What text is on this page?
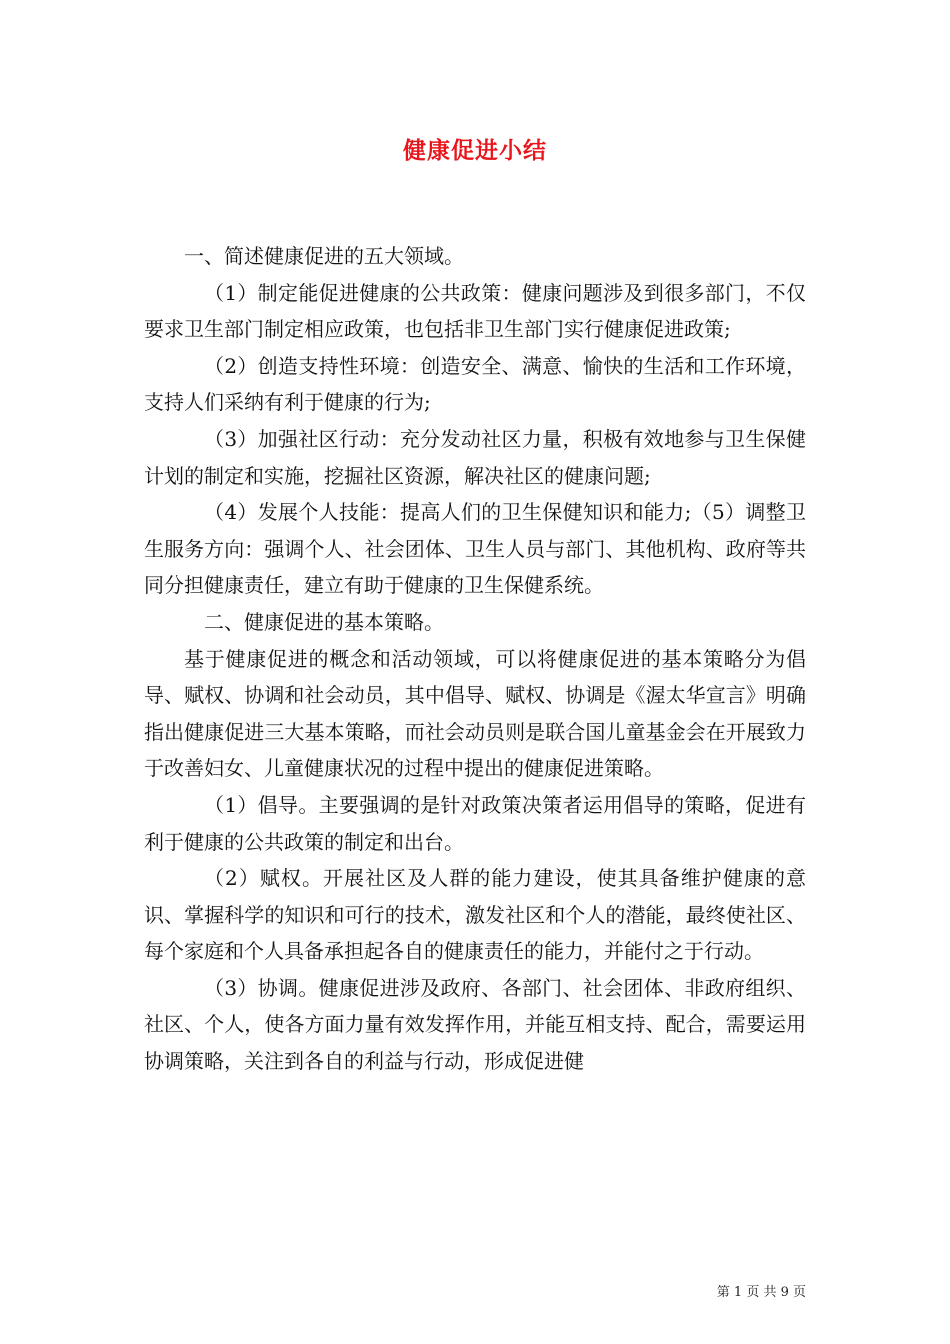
健康促进小结

一、简述健康促进的五大领域。

（1）制定能促进健康的公共政策：健康问题涉及到很多部门，不仅要求卫生部门制定相应政策，也包括非卫生部门实行健康促进政策;

（2）创造支持性环境：创造安全、满意、愉快的生活和工作环境，支持人们采纳有利于健康的行为;

（3）加强社区行动：充分发动社区力量，积极有效地参与卫生保健计划的制定和实施，挖掘社区资源，解决社区的健康问题;

（4）发展个人技能：提高人们的卫生保健知识和能力;（5）调整卫生服务方向：强调个人、社会团体、卫生人员与部门、其他机构、政府等共同分担健康责任，建立有助于健康的卫生保健系统。

二、健康促进的基本策略。

基于健康促进的概念和活动领域，可以将健康促进的基本策略分为倡导、赋权、协调和社会动员，其中倡导、赋权、协调是《渥太华宣言》明确指出健康促进三大基本策略，而社会动员则是联合国儿童基金会在开展致力于改善妇女、儿童健康状况的过程中提出的健康促进策略。

（1）倡导。主要强调的是针对政策决策者运用倡导的策略，促进有利于健康的公共政策的制定和出台。

（2）赋权。开展社区及人群的能力建设，使其具备维护健康的意识、掌握科学的知识和可行的技术，激发社区和个人的潜能，最终使社区、每个家庭和个人具备承担起各自的健康责任的能力，并能付之于行动。

（3）协调。健康促进涉及政府、各部门、社会团体、非政府组织、社区、个人，使各方面力量有效发挥作用，并能互相支持、配合，需要运用协调策略，关注到各自的利益与行动，形成促进健

第 1 页 共 9 页
